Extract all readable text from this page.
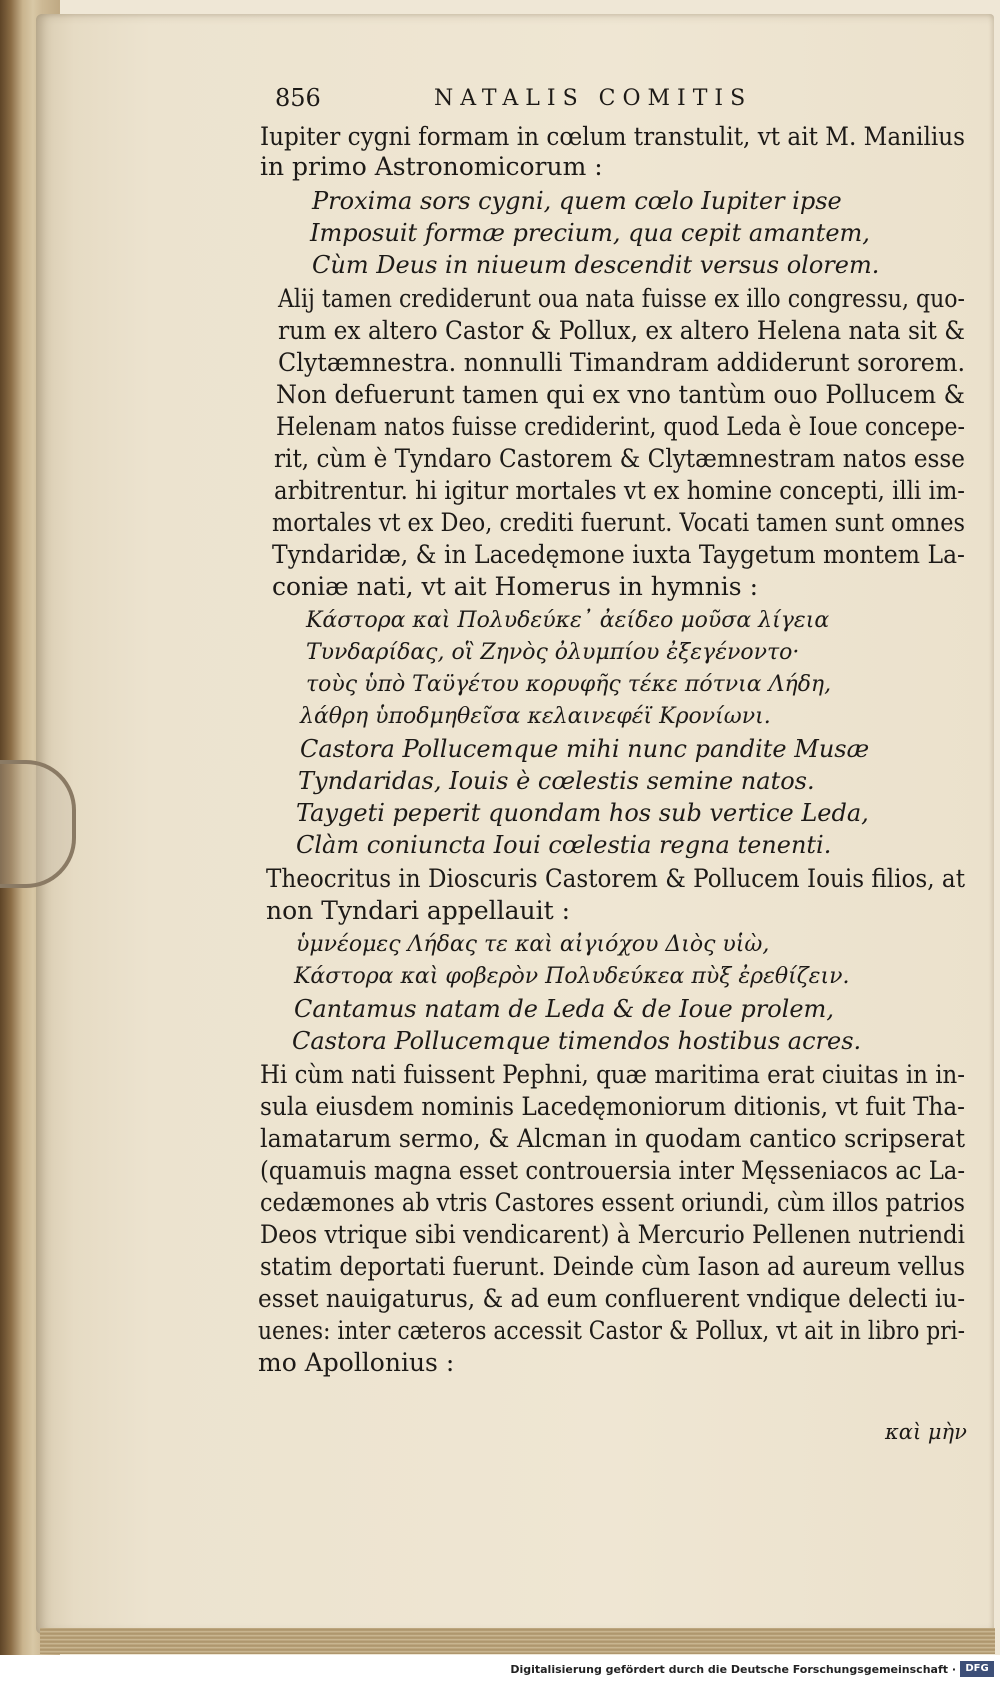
856	NATALIS COMITIS

Iupiter cygni formam in cœlum transtulit, vt ait M. Manilius

in primo Astronomicorum :

Proxima sors cygni, quem cœlo Iupiter ipse

Imposuit formæ precium, qua cepit amantem,

Cùm Deus in niueum descendit versus olorem.

Alij tamen crediderunt oua nata fuisse ex illo congressu, quo-

rum ex altero Castor & Pollux, ex altero Helena nata sit &

Clytæmnestra. nonnulli Timandram addiderunt sororem.

Non defuerunt tamen qui ex vno tantùm ouo Pollucem &

Helenam natos fuisse crediderint, quod Leda è Ioue concepe-

rit, cùm è Tyndaro Castorem & Clytæmnestram natos esse

arbitrentur. hi igitur mortales vt ex homine concepti, illi im-

mortales vt ex Deo, crediti fuerunt. Vocati tamen sunt omnes

Tyndaridæ, & in Lacedęmone iuxta Taygetum montem La-

coniæ nati, vt ait Homerus in hymnis :

Κάστορα καὶ Πολυδεύκε᾽ ἀείδεο μοῦσα λίγεια

Τυνδαρίδας, οἳ Ζηνὸς ὀλυμπίου ἐξεγένοντο·

τοὺς ὑπὸ Ταϋγέτου κορυφῆς τέκε πότνια Λήδη,

λάθρη ὑποδμηθεῖσα κελαινεφέϊ Κρονίωνι.

Castora Pollucemque mihi nunc pandite Musæ

Tyndaridas, Iouis è cœlestis semine natos.

Taygeti peperit quondam hos sub vertice Leda,

Clàm coniuncta Ioui cœlestia regna tenenti.

Theocritus in Dioscuris Castorem & Pollucem Iouis filios, at

non Tyndari appellauit :

ὑμνέομες Λήδας τε καὶ αἰγιόχου Διὸς υἱὼ,

Κάστορα καὶ φοβερὸν Πολυδεύκεα πὺξ ἐρεθίζειν.

Cantamus natam de Leda & de Ioue prolem,

Castora Pollucemque timendos hostibus acres.

Hi cùm nati fuissent Pephni, quæ maritima erat ciuitas in in-

sula eiusdem nominis Lacedęmoniorum ditionis, vt fuit Tha-

lamatarum sermo, & Alcman in quodam cantico scripserat

(quamuis magna esset controuersia inter Męsseniacos ac La-

cedæmones ab vtris Castores essent oriundi, cùm illos patrios

Deos vtrique sibi vendicarent) à Mercurio Pellenen nutriendi

statim deportati fuerunt. Deinde cùm Iason ad aureum vellus

esset nauigaturus, & ad eum confluerent vndique delecti iu-

uenes: inter cæteros accessit Castor & Pollux, vt ait in libro pri-

mo Apollonius :

καὶ μὴν
Digitalisierung gefördert durch die Deutsche Forschungsgemeinschaft · DFG
